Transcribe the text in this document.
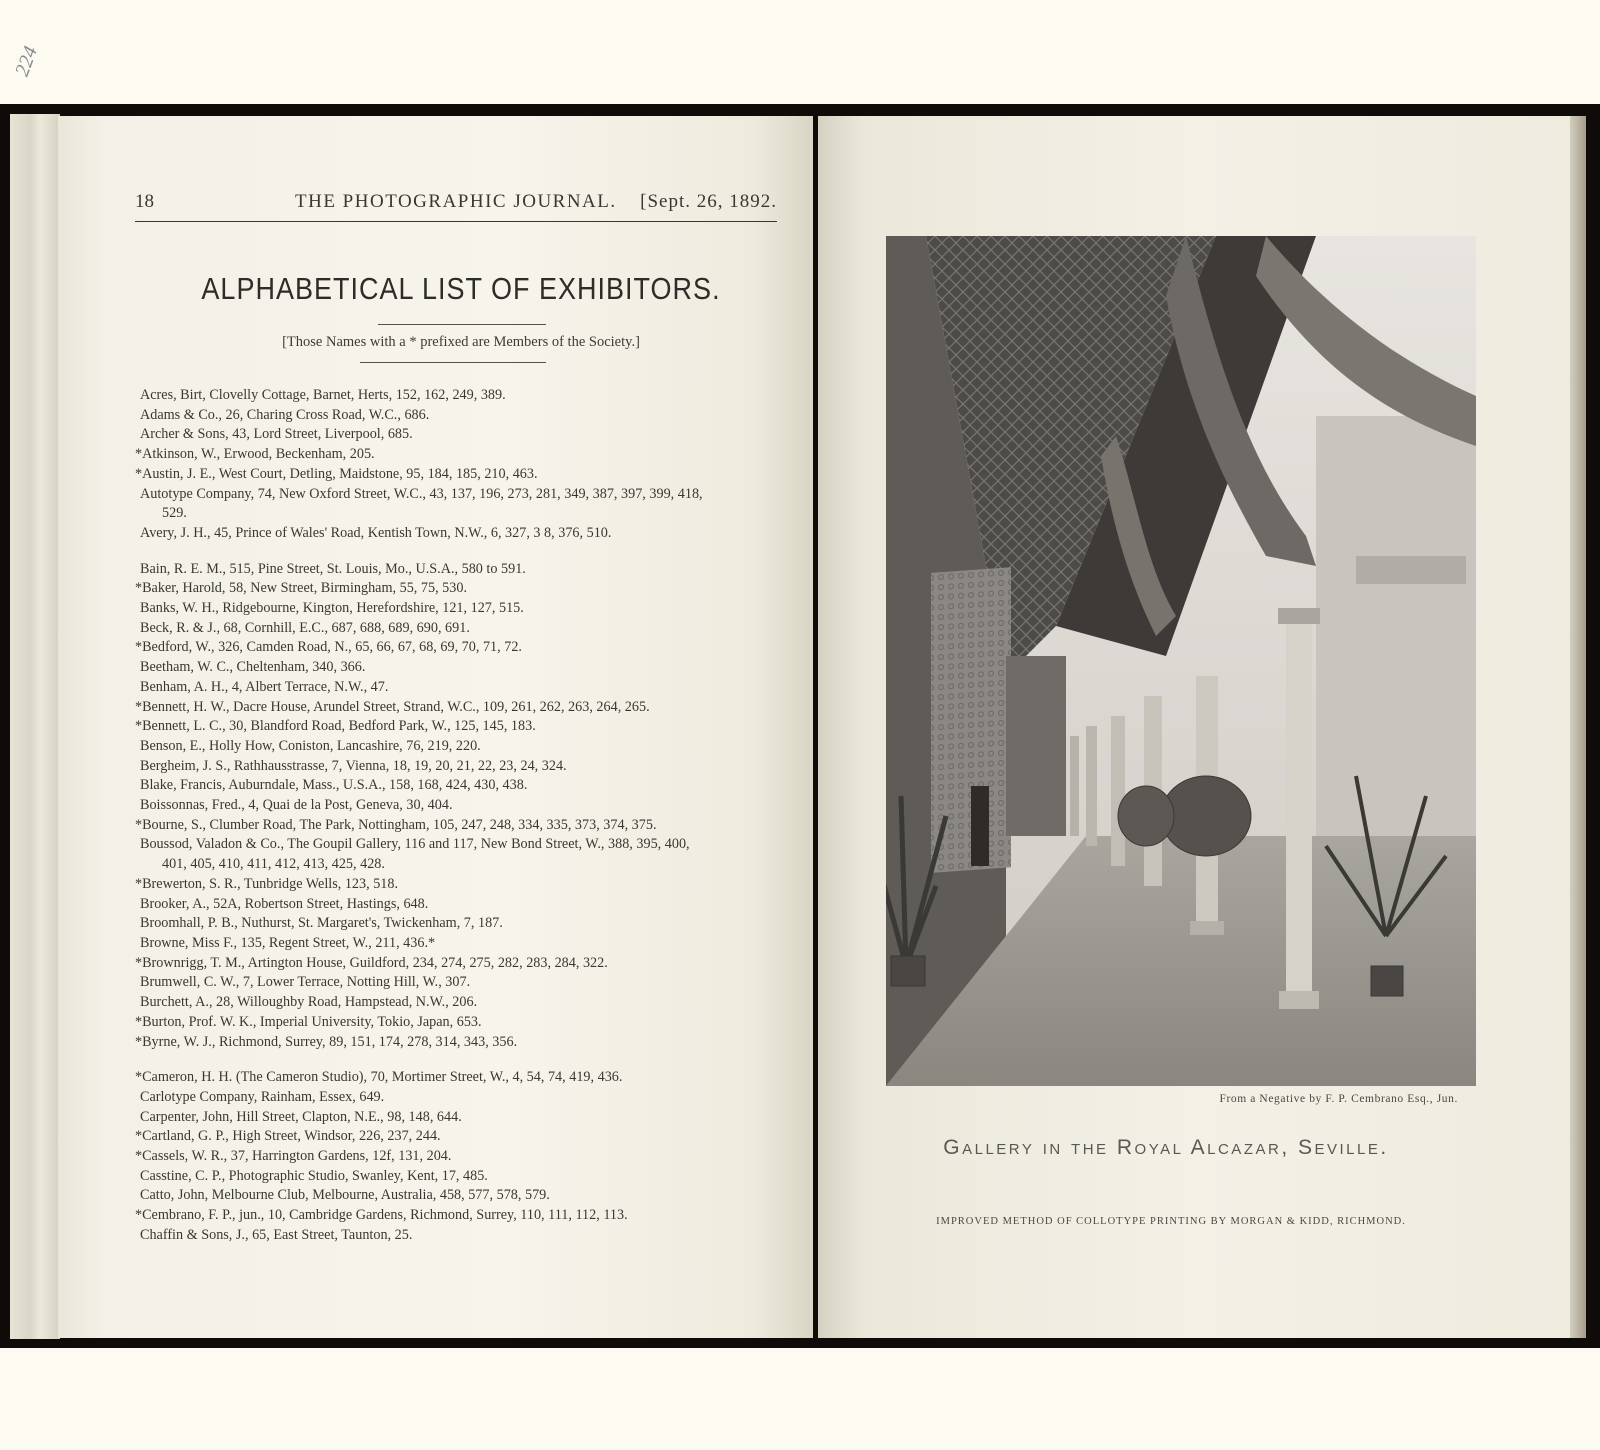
18	THE PHOTOGRAPHIC JOURNAL. [Sept. 26, 1892.
ALPHABETICAL LIST OF EXHIBITORS.
[Those Names with a * prefixed are Members of the Society.]
Acres, Birt, Clovelly Cottage, Barnet, Herts, 152, 162, 249, 389.
Adams & Co., 26, Charing Cross Road, W.C., 686.
Archer & Sons, 43, Lord Street, Liverpool, 685.
*Atkinson, W., Erwood, Beckenham, 205.
*Austin, J. E., West Court, Detling, Maidstone, 95, 184, 185, 210, 463.
Autotype Company, 74, New Oxford Street, W.C., 43, 137, 196, 273, 281, 349, 387, 397, 399, 418,
529.
Avery, J. H., 45, Prince of Wales' Road, Kentish Town, N.W., 6, 327, 3 8, 376, 510.
Bain, R. E. M., 515, Pine Street, St. Louis, Mo., U.S.A., 580 to 591.
*Baker, Harold, 58, New Street, Birmingham, 55, 75, 530.
Banks, W. H., Ridgebourne, Kington, Herefordshire, 121, 127, 515.
Beck, R. & J., 68, Cornhill, E.C., 687, 688, 689, 690, 691.
*Bedford, W., 326, Camden Road, N., 65, 66, 67, 68, 69, 70, 71, 72.
Beetham, W. C., Cheltenham, 340, 366.
Benham, A. H., 4, Albert Terrace, N.W., 47.
*Bennett, H. W., Dacre House, Arundel Street, Strand, W.C., 109, 261, 262, 263, 264, 265.
*Bennett, L. C., 30, Blandford Road, Bedford Park, W., 125, 145, 183.
Benson, E., Holly How, Coniston, Lancashire, 76, 219, 220.
Bergheim, J. S., Rathhausstrasse, 7, Vienna, 18, 19, 20, 21, 22, 23, 24, 324.
Blake, Francis, Auburndale, Mass., U.S.A., 158, 168, 424, 430, 438.
Boissonnas, Fred., 4, Quai de la Post, Geneva, 30, 404.
*Bourne, S., Clumber Road, The Park, Nottingham, 105, 247, 248, 334, 335, 373, 374, 375.
Boussod, Valadon & Co., The Goupil Gallery, 116 and 117, New Bond Street, W., 388, 395, 400,
401, 405, 410, 411, 412, 413, 425, 428.
*Brewerton, S. R., Tunbridge Wells, 123, 518.
Brooker, A., 52A, Robertson Street, Hastings, 648.
Broomhall, P. B., Nuthurst, St. Margaret's, Twickenham, 7, 187.
Browne, Miss F., 135, Regent Street, W., 211, 436.*
*Brownrigg, T. M., Artington House, Guildford, 234, 274, 275, 282, 283, 284, 322.
Brumwell, C. W., 7, Lower Terrace, Notting Hill, W., 307.
Burchett, A., 28, Willoughby Road, Hampstead, N.W., 206.
*Burton, Prof. W. K., Imperial University, Tokio, Japan, 653.
*Byrne, W. J., Richmond, Surrey, 89, 151, 174, 278, 314, 343, 356.
*Cameron, H. H. (The Cameron Studio), 70, Mortimer Street, W., 4, 54, 74, 419, 436.
Carlotype Company, Rainham, Essex, 649.
Carpenter, John, Hill Street, Clapton, N.E., 98, 148, 644.
*Cartland, G. P., High Street, Windsor, 226, 237, 244.
*Cassels, W. R., 37, Harrington Gardens, 12f, 131, 204.
Casstine, C. P., Photographic Studio, Swanley, Kent, 17, 485.
Catto, John, Melbourne Club, Melbourne, Australia, 458, 577, 578, 579.
*Cembrano, F. P., jun., 10, Cambridge Gardens, Richmond, Surrey, 110, 111, 112, 113.
Chaffin & Sons, J., 65, East Street, Taunton, 25.
From a Negative by F. P. Cembrano Esq., Jun.
Gallery in the Royal Alcazar, Seville.
IMPROVED METHOD OF COLLOTYPE PRINTING BY MORGAN & KIDD, RICHMOND.
224
